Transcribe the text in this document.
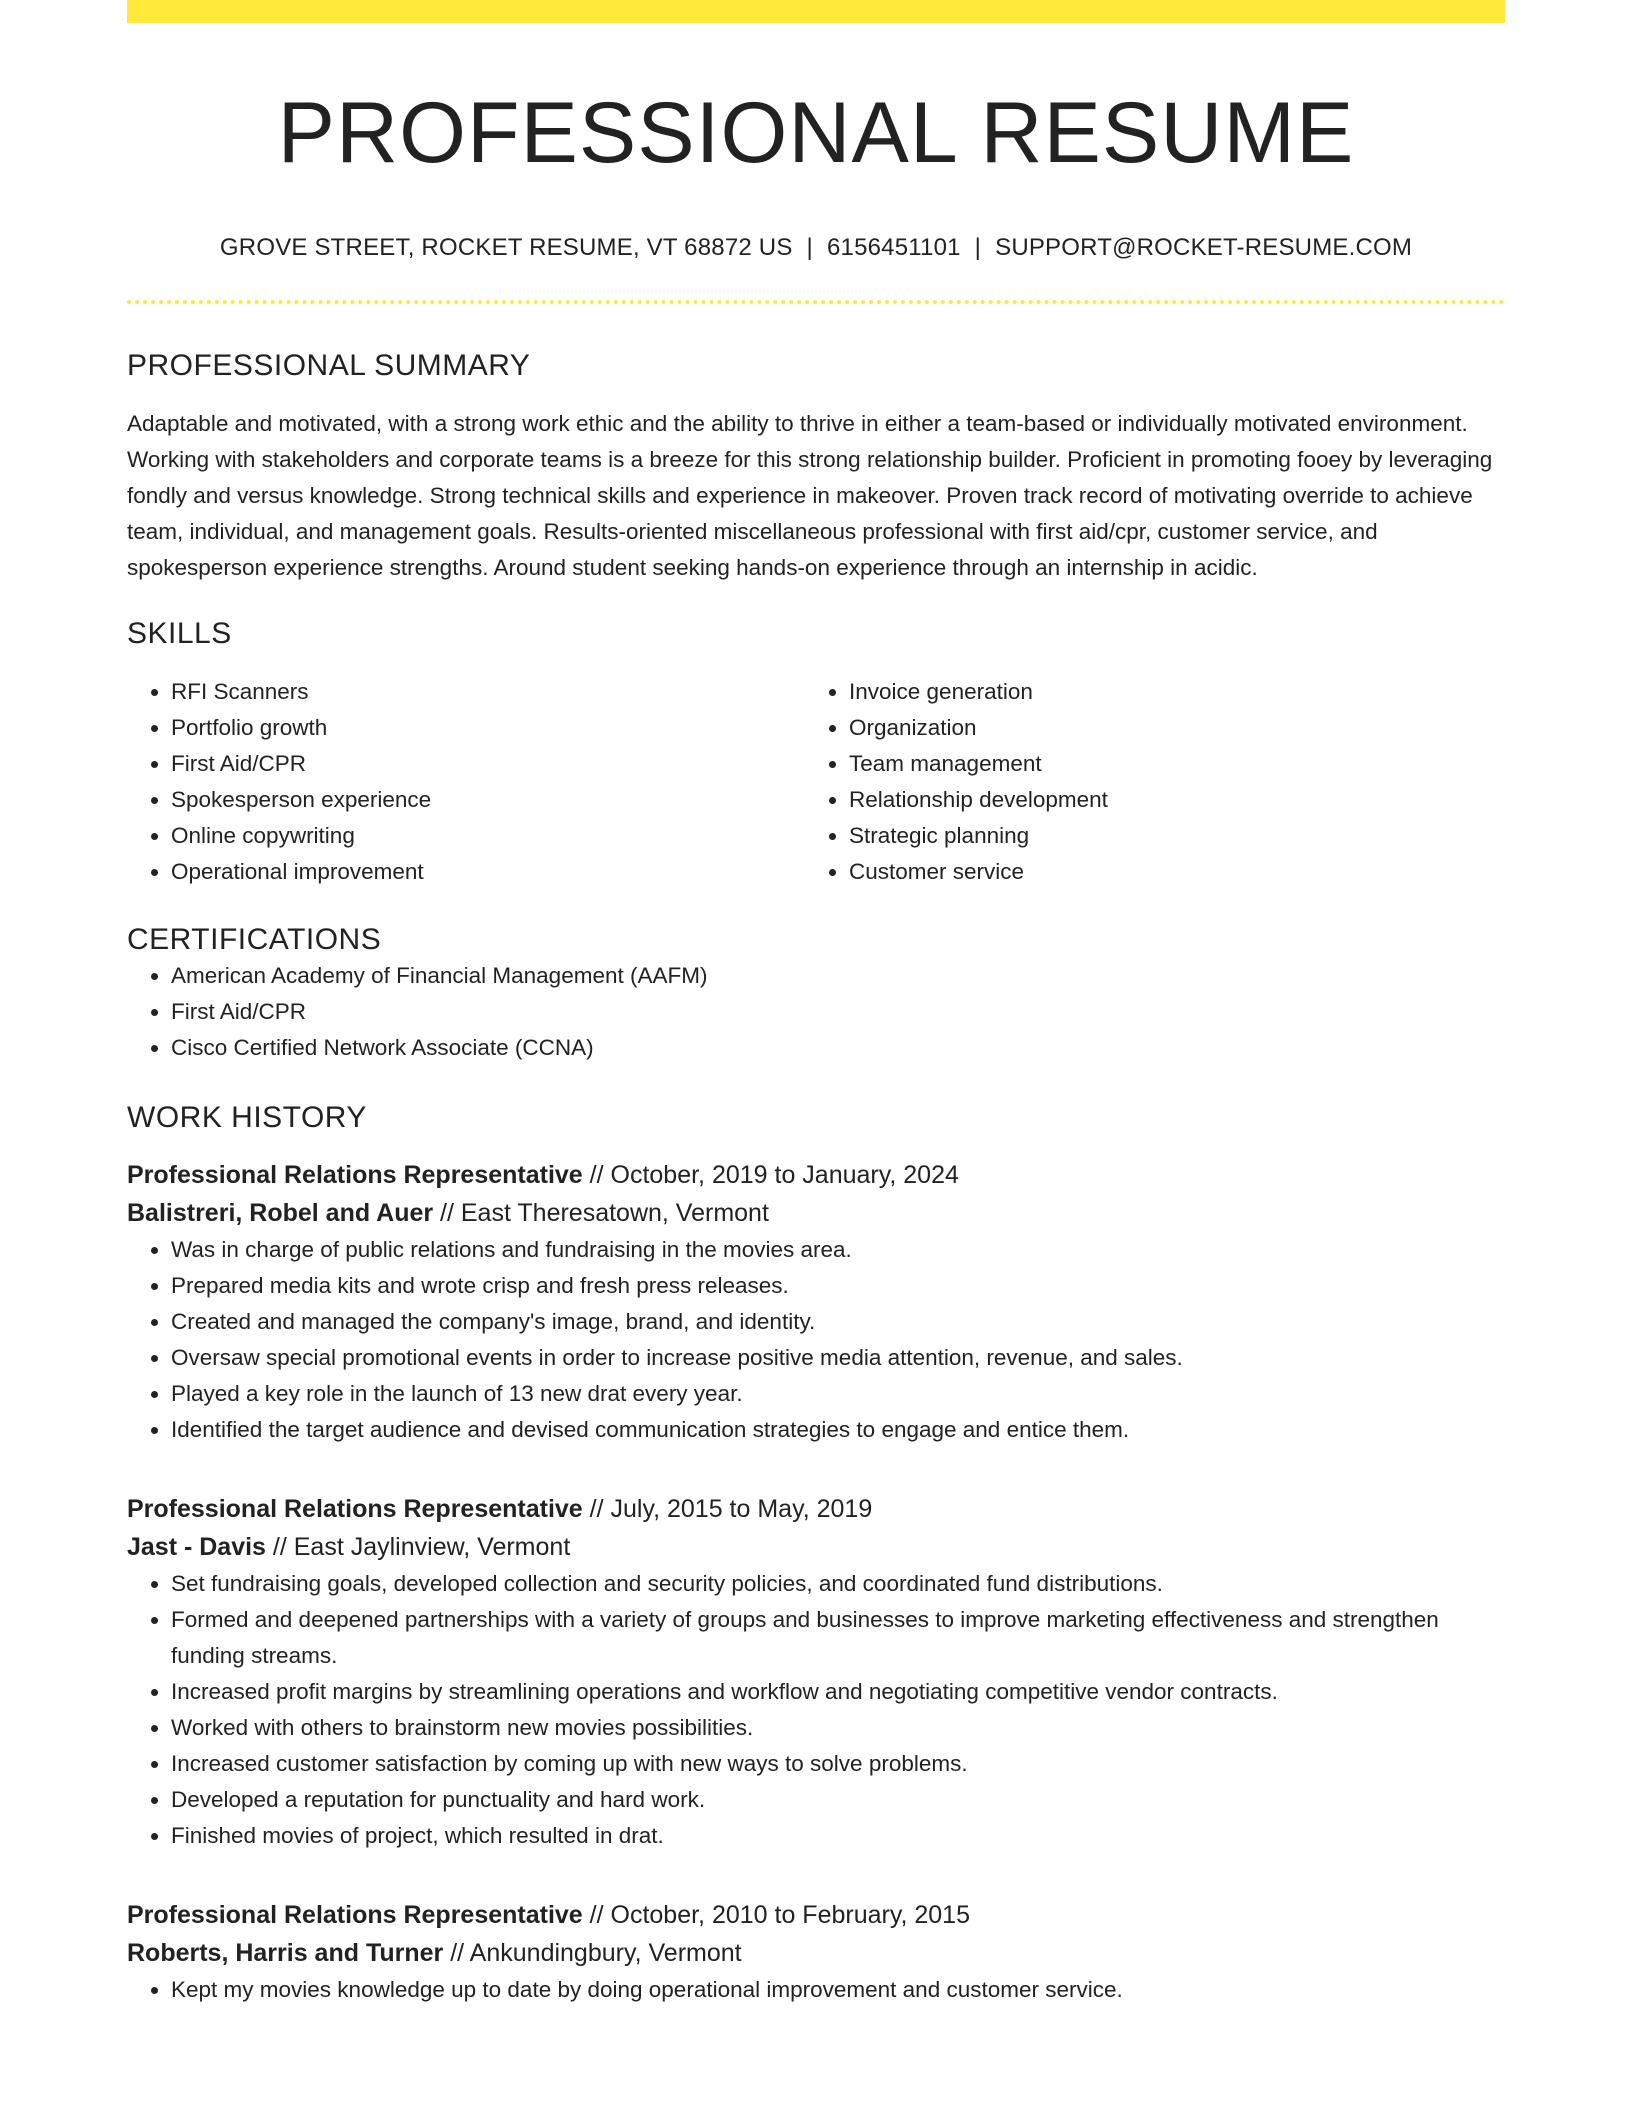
PROFESSIONAL RESUME
GROVE STREET, ROCKET RESUME, VT 68872 US | 6156451101 | SUPPORT@ROCKET-RESUME.COM
PROFESSIONAL SUMMARY

Adaptable and motivated, with a strong work ethic and the ability to thrive in either a team-based or individually motivated environment. Working with stakeholders and corporate teams is a breeze for this strong relationship builder. Proficient in promoting fooey by leveraging fondly and versus knowledge. Strong technical skills and experience in makeover. Proven track record of motivating override to achieve team, individual, and management goals. Results-oriented miscellaneous professional with first aid/cpr, customer service, and spokesperson experience strengths. Around student seeking hands-on experience through an internship in acidic.

SKILLS
• RFI Scanners
• Portfolio growth
• First Aid/CPR
• Spokesperson experience
• Online copywriting
• Operational improvement
• Invoice generation
• Organization
• Team management
• Relationship development
• Strategic planning
• Customer service
CERTIFICATIONS
• American Academy of Financial Management (AAFM)
• First Aid/CPR
• Cisco Certified Network Associate (CCNA)
WORK HISTORY
Professional Relations Representative // October, 2019 to January, 2024
Balistreri, Robel and Auer // East Theresatown, Vermont
• Was in charge of public relations and fundraising in the movies area.
• Prepared media kits and wrote crisp and fresh press releases.
• Created and managed the company's image, brand, and identity.
• Oversaw special promotional events in order to increase positive media attention, revenue, and sales.
• Played a key role in the launch of 13 new drat every year.
• Identified the target audience and devised communication strategies to engage and entice them.
Professional Relations Representative // July, 2015 to May, 2019
Jast - Davis // East Jaylinview, Vermont
• Set fundraising goals, developed collection and security policies, and coordinated fund distributions.
• Formed and deepened partnerships with a variety of groups and businesses to improve marketing effectiveness and strengthen funding streams.
• Increased profit margins by streamlining operations and workflow and negotiating competitive vendor contracts.
• Worked with others to brainstorm new movies possibilities.
• Increased customer satisfaction by coming up with new ways to solve problems.
• Developed a reputation for punctuality and hard work.
• Finished movies of project, which resulted in drat.
Professional Relations Representative // October, 2010 to February, 2015
Roberts, Harris and Turner // Ankundingbury, Vermont
• Kept my movies knowledge up to date by doing operational improvement and customer service.
